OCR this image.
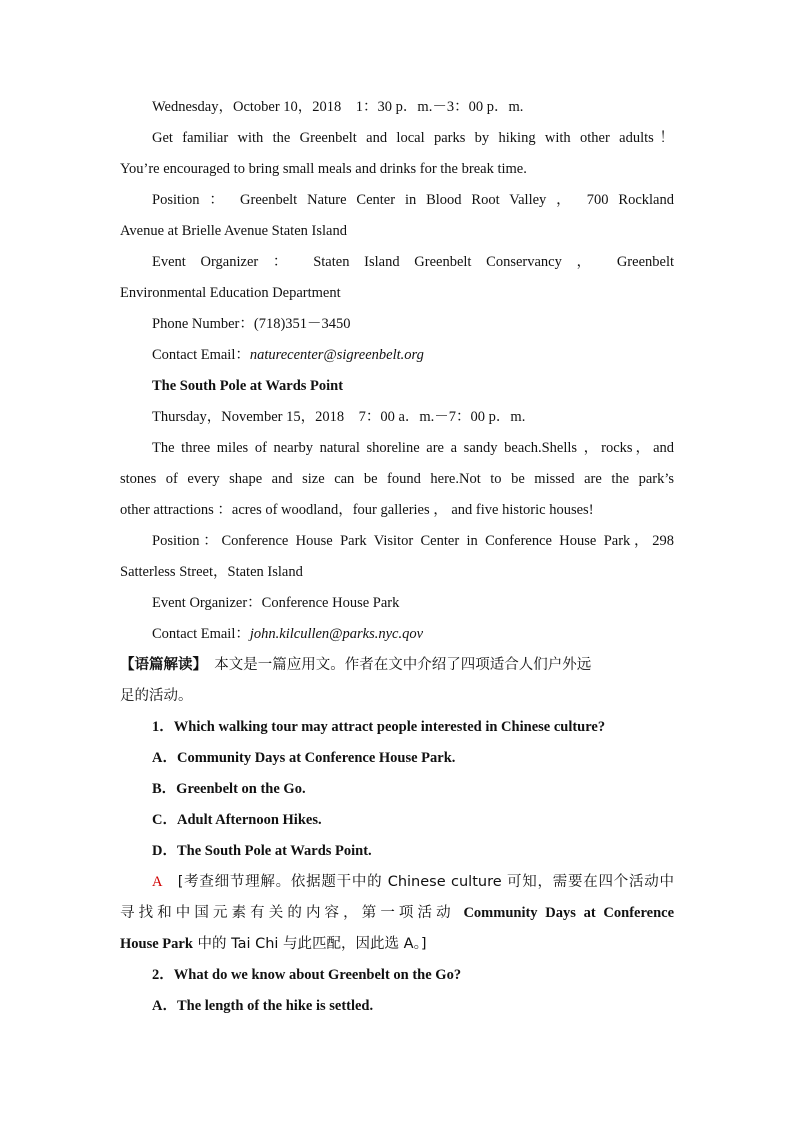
Wednesday，October 10，2018　1：30 p．m.－3：00 p．m.
Get familiar with the Greenbelt and local parks by hiking with other adults！
You’re encouraged to bring small meals and drinks for the break time.
Position ： Greenbelt Nature Center in Blood Root Valley ， 700 Rockland
Avenue at Brielle Avenue Staten Island
Event Organizer ： Staten Island Greenbelt Conservancy ， Greenbelt
Environmental Education Department
Phone Number：(718)351－3450
Contact Email：naturecenter@sigreenbelt.org
The South Pole at Wards Point
Thursday，November 15，2018　7：00 a．m.－7：00 p．m.
The three miles of nearby natural shoreline are a sandy beach.Shells ，rocks，and
stones of every shape and size can be found here.Not to be missed are the park’s
other attractions ：acres of woodland，four galleries ， and five historic houses!
Position：Conference House Park Visitor Center in Conference House Park，298
Satterless Street，Staten Island
Event Organizer：Conference House Park
Contact Email：john.kilcullen@parks.nyc.qov
【语篇解读】　本文是一篇应用文。作者在文中介绍了四项适合人们户外远
足的活动。
1．Which walking tour may attract people interested in Chinese culture?
A．Community Days at Conference House Park.
B．Greenbelt on the Go.
C．Adult Afternoon Hikes.
D．The South Pole at Wards Point.
A　 [考查细节理解。依据题干中的 Chinese culture 可知，需要在四个活动中
寻找和中国元素有关的内容，第一项活动 Community Days at Conference
House Park 中的 Tai Chi 与此匹配，因此选 A。]
2．What do we know about Greenbelt on the Go?
A．The length of the hike is settled.
